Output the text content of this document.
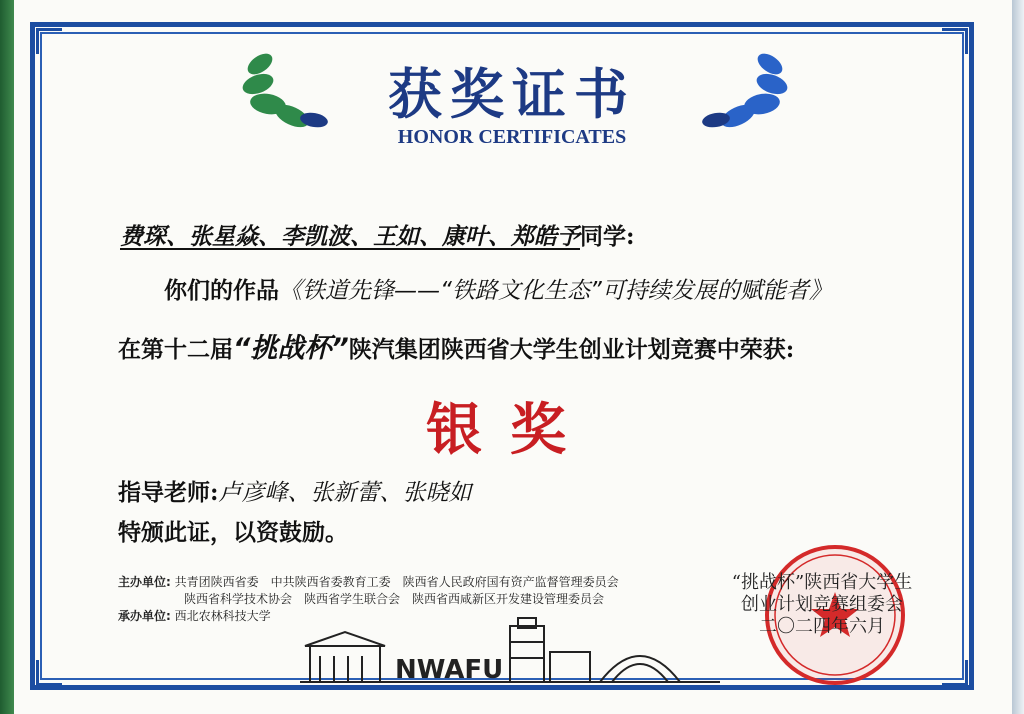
获奖证书
HONOR CERTIFICATES
费琛、张星焱、李凯波、王如、康叶、郑皓予同学:
你们的作品《铁道先锋——“铁路文化生态”可持续发展的赋能者》
在第十二届“挑战杯”陕汽集团陕西省大学生创业计划竞赛中荣获:
银奖
指导老师:卢彦峰、张新蕾、张晓如
特颁此证，以资鼓励。
主办单位: 共青团陕西省委　中共陕西省委教育工委　陕西省人民政府国有资产监督管理委员会
陕西省科学技术协会　陕西省学生联合会　陕西省西咸新区开发建设管理委员会
承办单位: 西北农林科技大学
“挑战杯”陕西省大学生
创业计划竞赛组委会
二〇二四年六月
NWAFU
